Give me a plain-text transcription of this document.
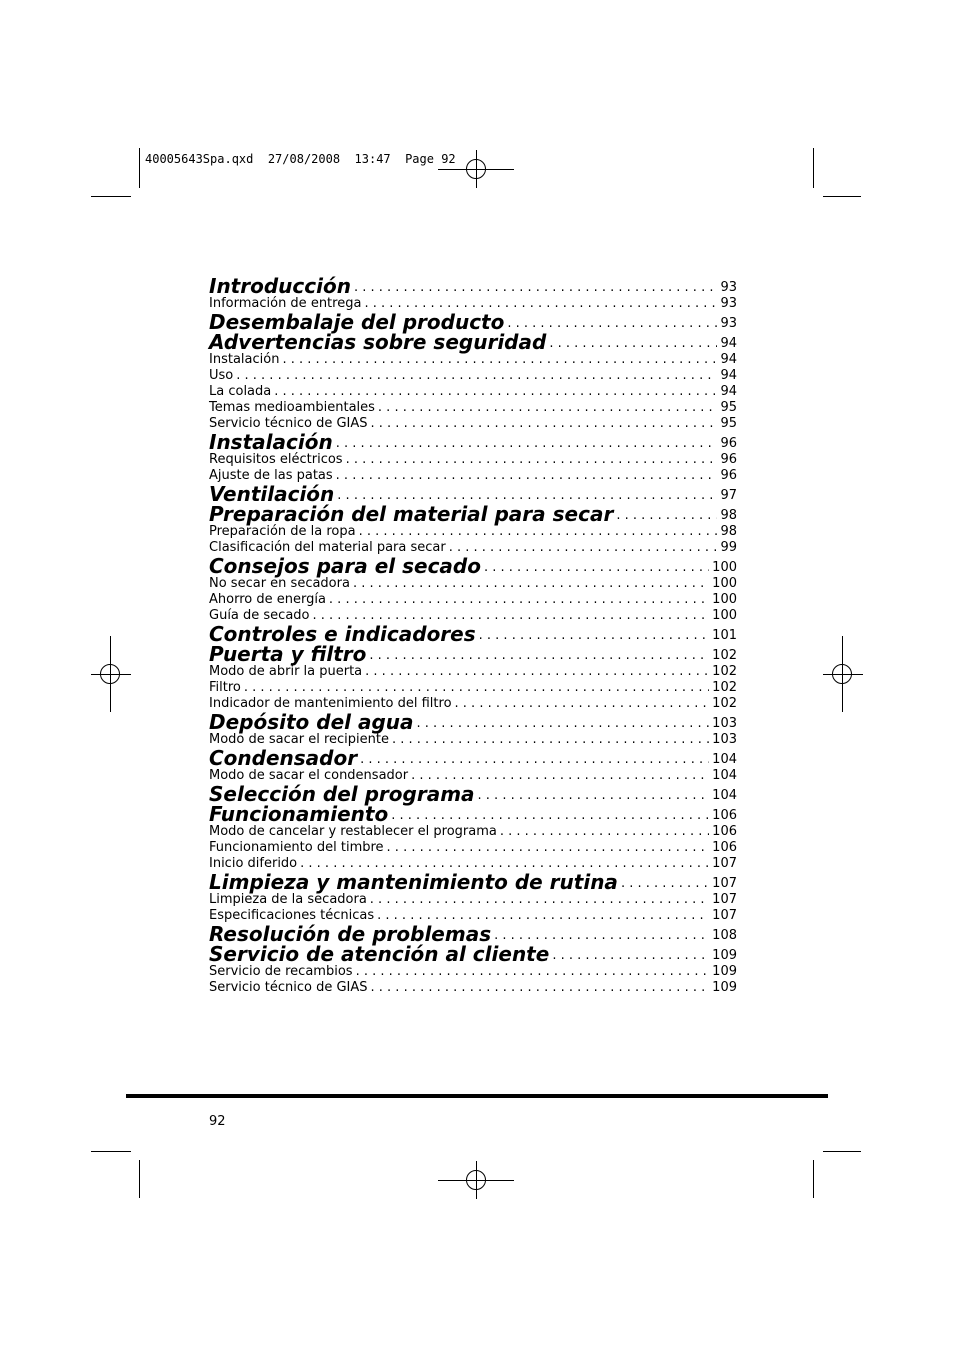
40005643Spa.qxd  27/08/2008  13:47  Page 92
Introducción . . .	93
Información de entrega . . .	93
Desembalaje del producto . . .	93
Advertencias sobre seguridad . . .	94
Instalación . . .	94
Uso . . .	94
La colada . . .	94
Temas medioambientales . . .	95
Servicio técnico de GIAS . . .	95
Instalación . . .	96
Requisitos eléctricos . . .	96
Ajuste de las patas . . .	96
Ventilación . . .	97
Preparación del material para secar . . .	98
Preparación de la ropa . . .	98
Clasificación del material para secar . . .	99
Consejos para el secado . . .	100
No secar en secadora . . .	100
Ahorro de energía . . .	100
Guía de secado . . .	100
Controles e indicadores . . .	101
Puerta y filtro . . .	102
Modo de abrir la puerta . . .	102
Filtro . . .	102
Indicador de mantenimiento del filtro . . .	102
Depósito del agua . . .	103
Modo de sacar el recipiente . . .	103
Condensador . . .	104
Modo de sacar el condensador . . .	104
Selección del programa . . .	104
Funcionamiento . . .	106
Modo de cancelar y restablecer el programa . . .	106
Funcionamiento del timbre . . .	106
Inicio diferido . . .	107
Limpieza y mantenimiento de rutina . . .	107
Limpieza de la secadora . . .	107
Especificaciones técnicas . . .	107
Resolución de problemas . . .	108
Servicio de atención al cliente . . .	109
Servicio de recambios . . .	109
Servicio técnico de GIAS . . .	109
92
